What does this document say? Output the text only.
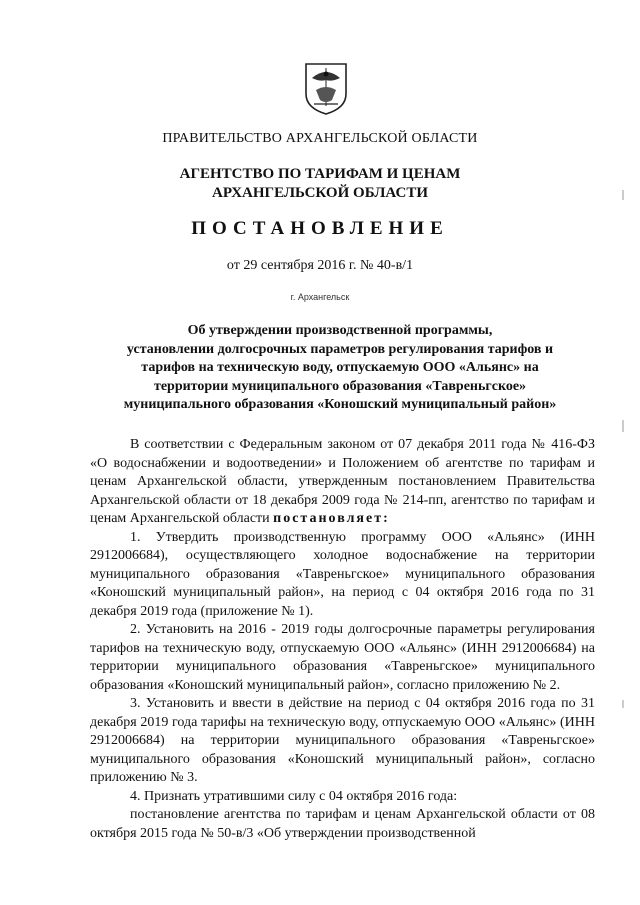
ПРАВИТЕЛЬСТВО АРХАНГЕЛЬСКОЙ ОБЛАСТИ
АГЕНТСТВО ПО ТАРИФАМ И ЦЕНАМ
АРХАНГЕЛЬСКОЙ ОБЛАСТИ
ПОСТАНОВЛЕНИЕ
от 29 сентября 2016 г. № 40-в/1
г. Архангельск
Об утверждении производственной программы,
установлении долгосрочных параметров регулирования тарифов и
тарифов на техническую воду, отпускаемую ООО «Альянс» на
территории муниципального образования «Тавреньгское»
муниципального образования «Коношский муниципальный район»

В соответствии с Федеральным законом от 07 декабря 2011 года № 416-ФЗ «О водоснабжении и водоотведении» и Положением об агентстве по тарифам и ценам Архангельской области, утвержденным постановлением Правительства Архангельской области от 18 декабря 2009 года № 214-пп, агентство по тарифам и ценам Архангельской области постановляет:

1. Утвердить производственную программу ООО «Альянс» (ИНН 2912006684), осуществляющего холодное водоснабжение на территории муниципального образования «Тавреньгское» муниципального образования «Коношский муниципальный район», на период с 04 октября 2016 года по 31 декабря 2019 года (приложение № 1).

2. Установить на 2016 - 2019 годы долгосрочные параметры регулирования тарифов на техническую воду, отпускаемую ООО «Альянс» (ИНН 2912006684) на территории муниципального образования «Тавреньгское» муниципального образования «Коношский муниципальный район», согласно приложению № 2.

3. Установить и ввести в действие на период с 04 октября 2016 года по 31 декабря 2019 года тарифы на техническую воду, отпускаемую ООО «Альянс» (ИНН 2912006684) на территории муниципального образования «Тавреньгское» муниципального образования «Коношский муниципальный район», согласно приложению № 3.

4. Признать утратившими силу с 04 октября 2016 года:

постановление агентства по тарифам и ценам Архангельской области от 08 октября 2015 года № 50-в/3 «Об утверждении производственной
